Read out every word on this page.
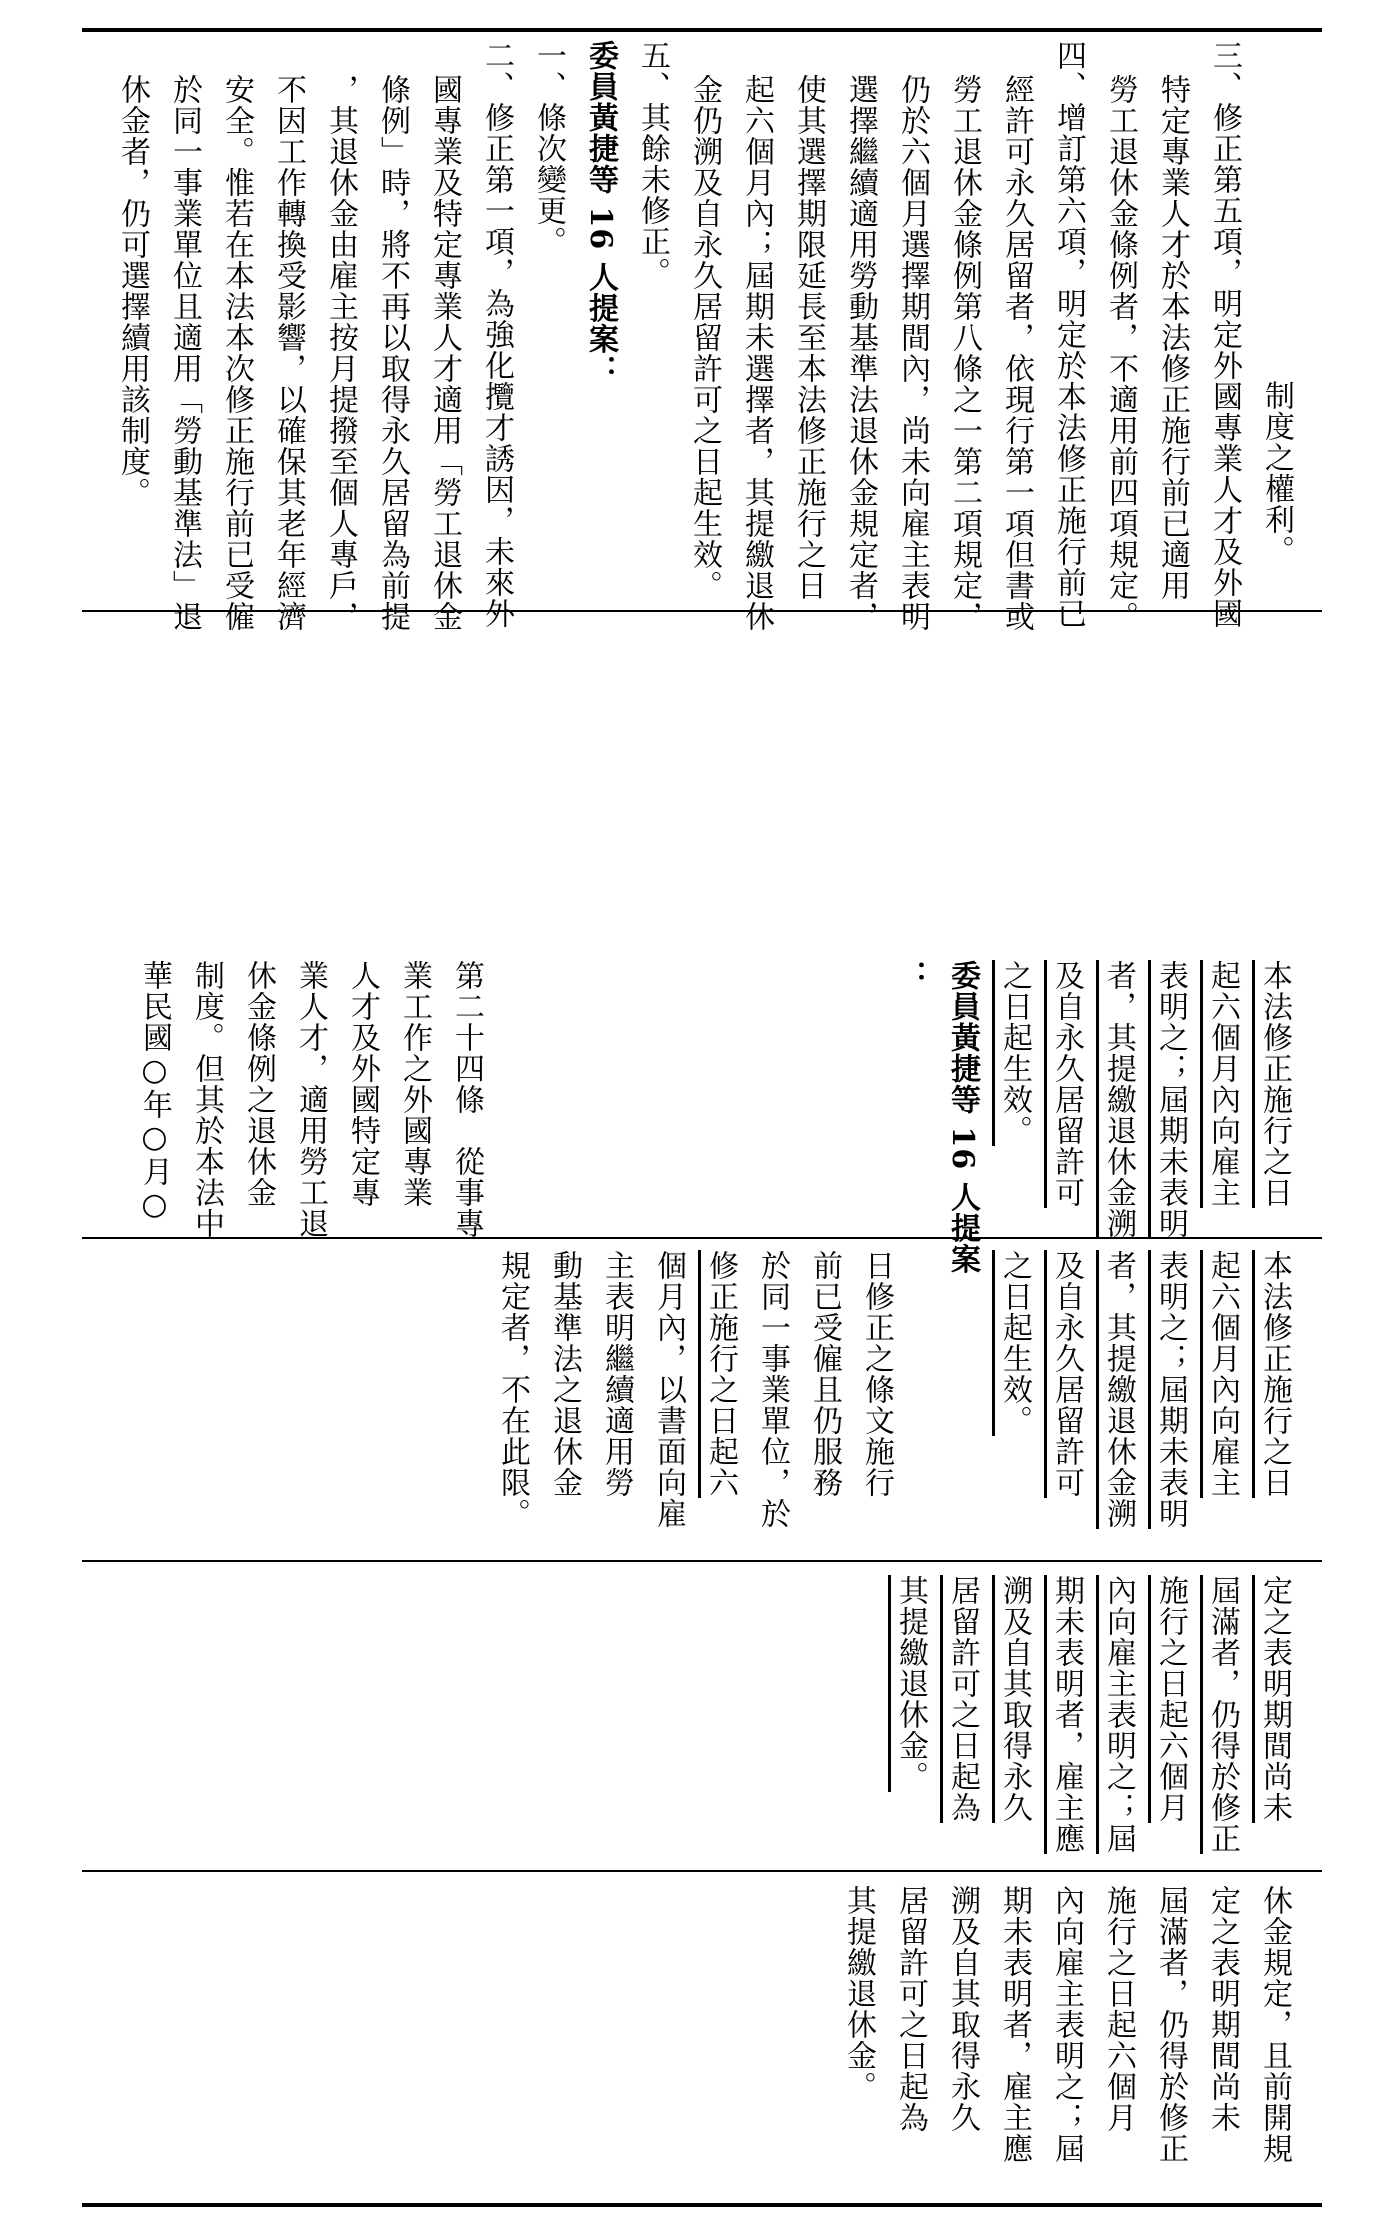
制度之權利。
三、修正第五項，明定外國專業人才及外國
特定專業人才於本法修正施行前已適用
勞工退休金條例者，不適用前四項規定。
四、增訂第六項，明定於本法修正施行前已
經許可永久居留者，依現行第一項但書或
勞工退休金條例第八條之一第二項規定，
仍於六個月選擇期間內，尚未向雇主表明
選擇繼續適用勞動基準法退休金規定者，
使其選擇期限延長至本法修正施行之日
起六個月內；屆期未選擇者，其提繳退休
金仍溯及自永久居留許可之日起生效。
五、其餘未修正。
委員黃捷等 16 人提案：
一、條次變更。
二、修正第一項，為強化攬才誘因，未來外
國專業及特定專業人才適用「勞工退休金
條例」時，將不再以取得永久居留為前提
，其退休金由雇主按月提撥至個人專戶，
不因工作轉換受影響，以確保其老年經濟
安全。惟若在本法本次修正施行前已受僱
於同一事業單位且適用「勞動基準法」退
休金者，仍可選擇續用該制度。
本法修正施行之日
起六個月內向雇主
表明之；屆期未表明
者，其提繳退休金溯
及自永久居留許可
之日起生效。
委員黃捷等 16 人提案
：
第二十四條　從事專
業工作之外國專業
人才及外國特定專
業人才，適用勞工退
休金條例之退休金
制度。但其於本法中
華民國○年○月○
本法修正施行之日
起六個月內向雇主
表明之；屆期未表明
者，其提繳退休金溯
及自永久居留許可
之日起生效。
定之表明期間尚未
屆滿者，仍得於修正
施行之日起六個月
內向雇主表明之；屆
期未表明者，雇主應
溯及自其取得永久
居留許可之日起為
其提繳退休金。
休金規定，且前開規
定之表明期間尚未
屆滿者，仍得於修正
施行之日起六個月
內向雇主表明之；屆
期未表明者，雇主應
溯及自其取得永久
居留許可之日起為
其提繳退休金。
日修正之條文施行
前已受僱且仍服務
於同一事業單位，於
修正施行之日起六
個月內，以書面向雇
主表明繼續適用勞
動基準法之退休金
規定者，不在此限。
